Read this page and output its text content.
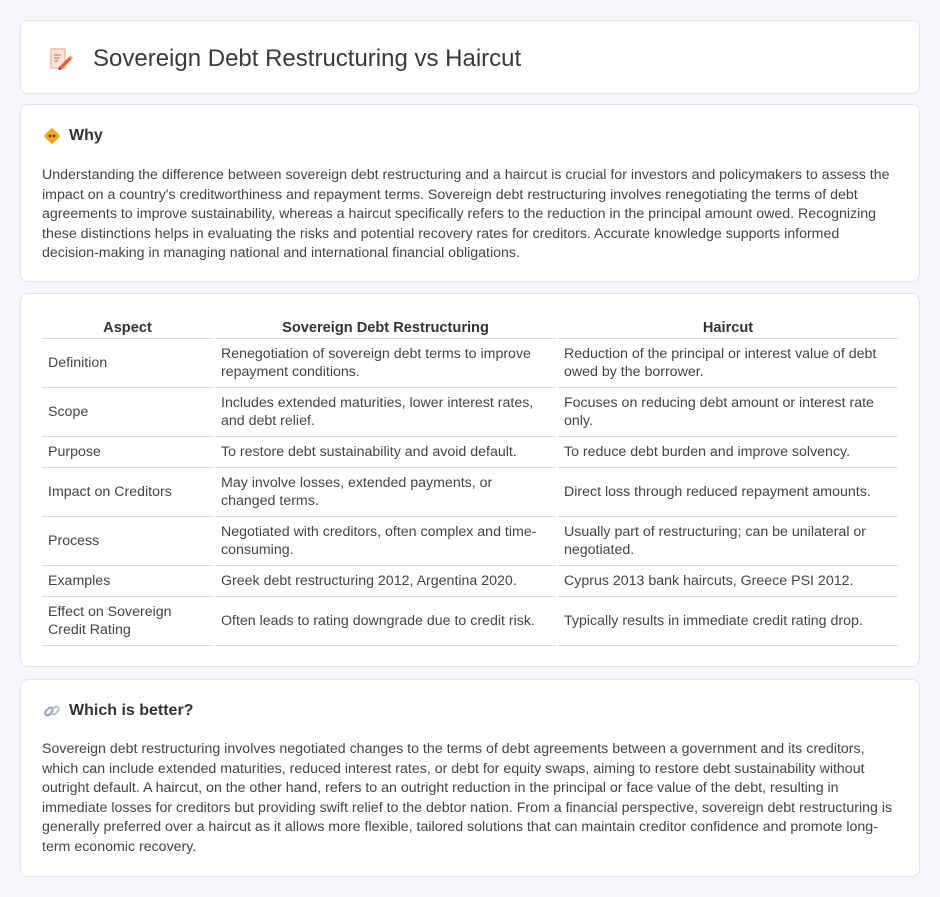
Sovereign Debt Restructuring vs Haircut
Why

Understanding the difference between sovereign debt restructuring and a haircut is crucial for investors and policymakers to assess the impact on a country's creditworthiness and repayment terms. Sovereign debt restructuring involves renegotiating the terms of debt agreements to improve sustainability, whereas a haircut specifically refers to the reduction in the principal amount owed. Recognizing these distinctions helps in evaluating the risks and potential recovery rates for creditors. Accurate knowledge supports informed decision-making in managing national and international financial obligations.

Aspect	Sovereign Debt Restructuring	Haircut
Definition	Renegotiation of sovereign debt terms to improve repayment conditions.	Reduction of the principal or interest value of debt owed by the borrower.
Scope	Includes extended maturities, lower interest rates, and debt relief.	Focuses on reducing debt amount or interest rate only.
Purpose	To restore debt sustainability and avoid default.	To reduce debt burden and improve solvency.
Impact on Creditors	May involve losses, extended payments, or changed terms.	Direct loss through reduced repayment amounts.
Process	Negotiated with creditors, often complex and time-consuming.	Usually part of restructuring; can be unilateral or negotiated.
Examples	Greek debt restructuring 2012, Argentina 2020.	Cyprus 2013 bank haircuts, Greece PSI 2012.
Effect on Sovereign Credit Rating	Often leads to rating downgrade due to credit risk.	Typically results in immediate credit rating drop.
Which is better?

Sovereign debt restructuring involves negotiated changes to the terms of debt agreements between a government and its creditors, which can include extended maturities, reduced interest rates, or debt for equity swaps, aiming to restore debt sustainability without outright default. A haircut, on the other hand, refers to an outright reduction in the principal or face value of the debt, resulting in immediate losses for creditors but providing swift relief to the debtor nation. From a financial perspective, sovereign debt restructuring is generally preferred over a haircut as it allows more flexible, tailored solutions that can maintain creditor confidence and promote long-term economic recovery.
